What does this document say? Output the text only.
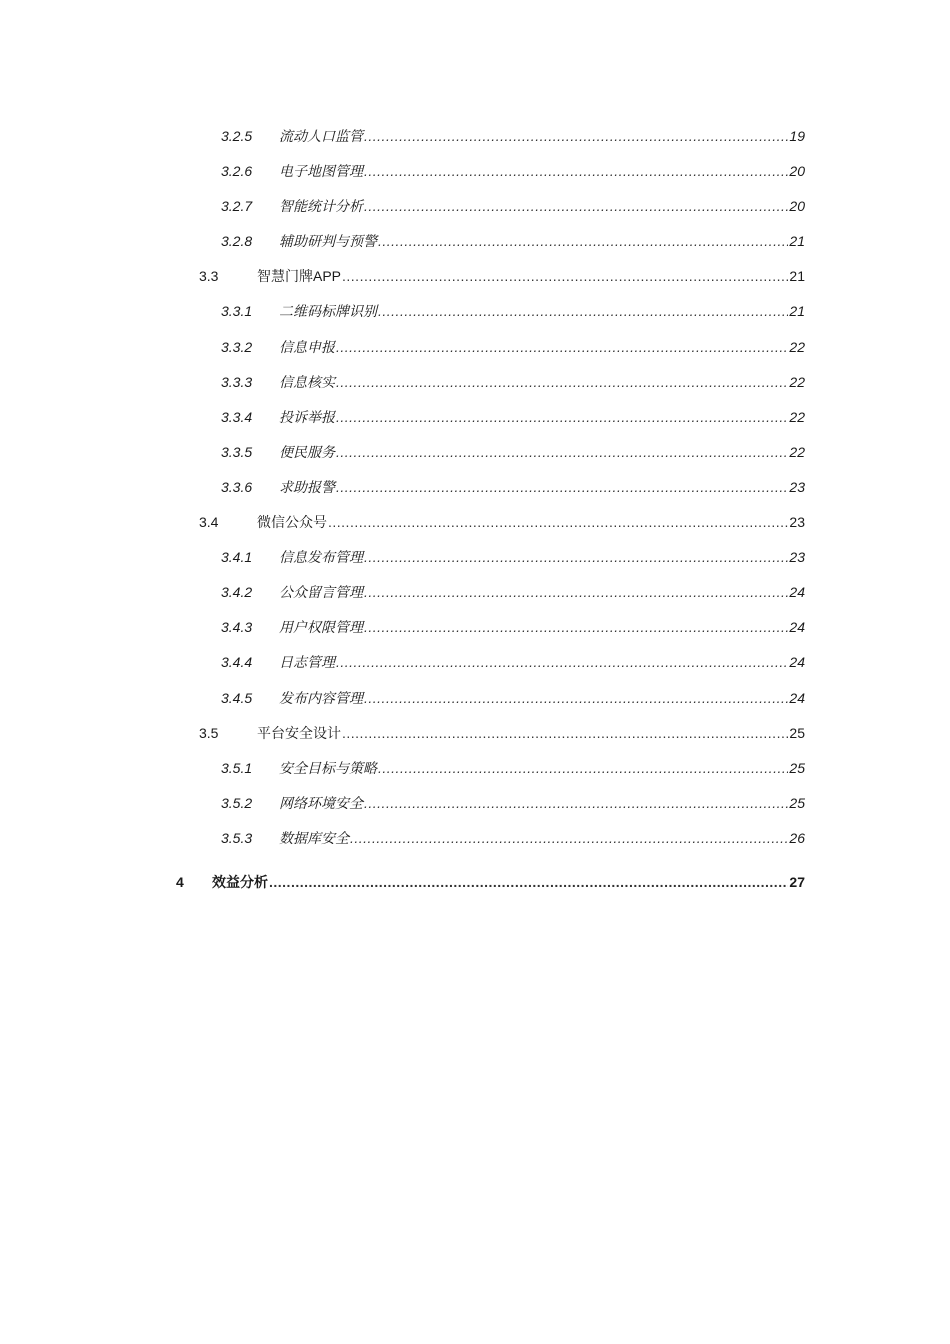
3.2.5 流动人口监管 .....	19
3.2.6 电子地图管理 .....	20
3.2.7 智能统计分析 .....	20
3.2.8 辅助研判与预警 .....	21
3.3	智慧门牌APP .....	21
3.3.1 二维码标牌识别 .....	21
3.3.2 信息申报 .....	22
3.3.3 信息核实 .....	22
3.3.4 投诉举报 .....	22
3.3.5 便民服务 .....	22
3.3.6 求助报警 .....	23
3.4	微信公众号 .....	23
3.4.1 信息发布管理 .....	23
3.4.2 公众留言管理 .....	24
3.4.3 用户权限管理 .....	24
3.4.4 日志管理 .....	24
3.4.5 发布内容管理 .....	24
3.5	平台安全设计 .....	25
3.5.1 安全目标与策略 .....	25
3.5.2 网络环境安全 .....	25
3.5.3 数据库安全 .....	26
4 效益分析 .....	27
